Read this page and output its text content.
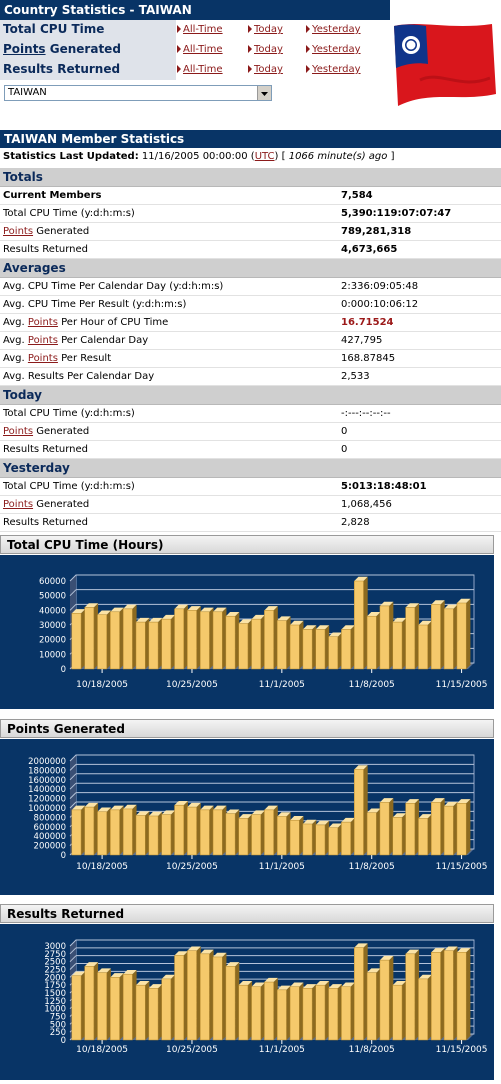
Country Statistics - TAIWAN
Total CPU Time	All-Time	Today	Yesterday
Points Generated	All-Time	Today	Yesterday
Results Returned	All-Time	Today	Yesterday
TAIWAN
TAIWAN Member Statistics
Statistics Last Updated: 11/16/2005 00:00:00 (UTC) [ 1066 minute(s) ago ]
Totals
Current Members	7,584
Total CPU Time (y:d:h:m:s)	5,390:119:07:07:47
Points Generated	789,281,318
Results Returned	4,673,665
Averages
Avg. CPU Time Per Calendar Day (y:d:h:m:s)	2:336:09:05:48
Avg. CPU Time Per Result (y:d:h:m:s)	0:000:10:06:12
Avg. Points Per Hour of CPU Time	16.71524
Avg. Points Per Calendar Day	427,795
Avg. Points Per Result	168.87845
Avg. Results Per Calendar Day	2,533
Today
Total CPU Time (y:d:h:m:s)	-:---:--:--:--
Points Generated	0
Results Returned	0
Yesterday
Total CPU Time (y:d:h:m:s)	5:013:18:48:01
Points Generated	1,068,456
Results Returned	2,828
Total CPU Time (Hours)
0
10000
20000
30000
40000
50000
60000
10/18/2005	10/25/2005	11/1/2005	11/8/2005	11/15/2005
Points Generated
0
200000
400000
600000
800000
1000000
1200000
1400000
1600000
1800000
2000000
10/18/2005	10/25/2005	11/1/2005	11/8/2005	11/15/2005
Results Returned
0
250
500
750
1000
1250
1500
1750
2000
2250
2500
2750
3000
10/18/2005	10/25/2005	11/1/2005	11/8/2005	11/15/2005
